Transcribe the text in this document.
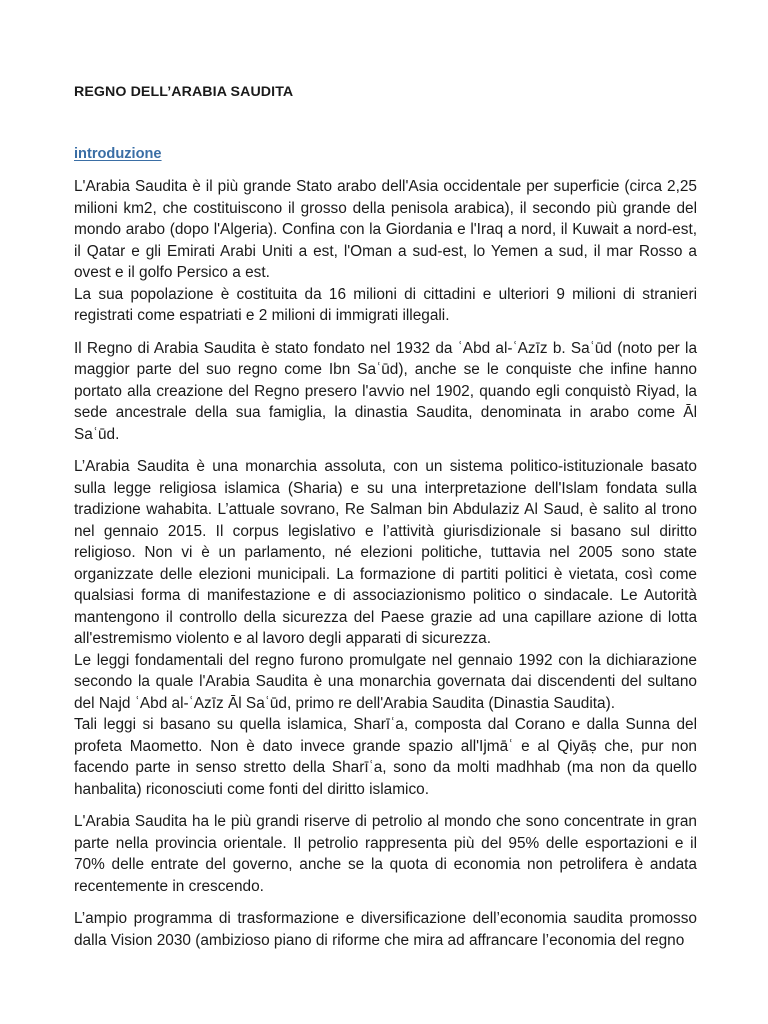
REGNO DELL’ARABIA SAUDITA
introduzione

L'Arabia Saudita è il più grande Stato arabo dell'Asia occidentale per superficie (circa 2,25 milioni km2, che costituiscono il grosso della penisola arabica), il secondo più grande del mondo arabo (dopo l'Algeria). Confina con la Giordania e l'Iraq a nord, il Kuwait a nord-est, il Qatar e gli Emirati Arabi Uniti a est, l'Oman a sud-est, lo Yemen a sud, il mar Rosso a ovest e il golfo Persico a est.

La sua popolazione è costituita da 16 milioni di cittadini e ulteriori 9 milioni di stranieri registrati come espatriati e 2 milioni di immigrati illegali.

Il Regno di Arabia Saudita è stato fondato nel 1932 da ʿAbd al-ʿAzīz b. Saʿūd (noto per la maggior parte del suo regno come Ibn Saʿūd), anche se le conquiste che infine hanno portato alla creazione del Regno presero l'avvio nel 1902, quando egli conquistò Riyad, la sede ancestrale della sua famiglia, la dinastia Saudita, denominata in arabo come Āl Saʿūd.

L’Arabia Saudita è una monarchia assoluta, con un sistema politico-istituzionale basato sulla legge religiosa islamica (Sharia) e su una interpretazione dell'Islam fondata sulla tradizione wahabita. L’attuale sovrano, Re Salman bin Abdulaziz Al Saud, è salito al trono nel gennaio 2015. Il corpus legislativo e l’attività giurisdizionale si basano sul diritto religioso. Non vi è un parlamento, né elezioni politiche, tuttavia nel 2005 sono state organizzate delle elezioni municipali. La formazione di partiti politici è vietata, così come qualsiasi forma di manifestazione e di associazionismo politico o sindacale. Le Autorità mantengono il controllo della sicurezza del Paese grazie ad una capillare azione di lotta all'estremismo violento e al lavoro degli apparati di sicurezza.

Le leggi fondamentali del regno furono promulgate nel gennaio 1992 con la dichiarazione secondo la quale l'Arabia Saudita è una monarchia governata dai discendenti del sultano del Najd ʿAbd al-ʿAzīz Āl Saʿūd, primo re dell'Arabia Saudita (Dinastia Saudita).

Tali leggi si basano su quella islamica, Sharīʿa, composta dal Corano e dalla Sunna del profeta Maometto. Non è dato invece grande spazio all'Ijmāʿ e al Qiyāṣ che, pur non facendo parte in senso stretto della Sharīʿa, sono da molti madhhab (ma non da quello hanbalita) riconosciuti come fonti del diritto islamico.

L'Arabia Saudita ha le più grandi riserve di petrolio al mondo che sono concentrate in gran parte nella provincia orientale. Il petrolio rappresenta più del 95% delle esportazioni e il 70% delle entrate del governo, anche se la quota di economia non petrolifera è andata recentemente in crescendo.

L’ampio programma di trasformazione e diversificazione dell’economia saudita promosso dalla Vision 2030 (ambizioso piano di riforme che mira ad affrancare l’economia del regno
